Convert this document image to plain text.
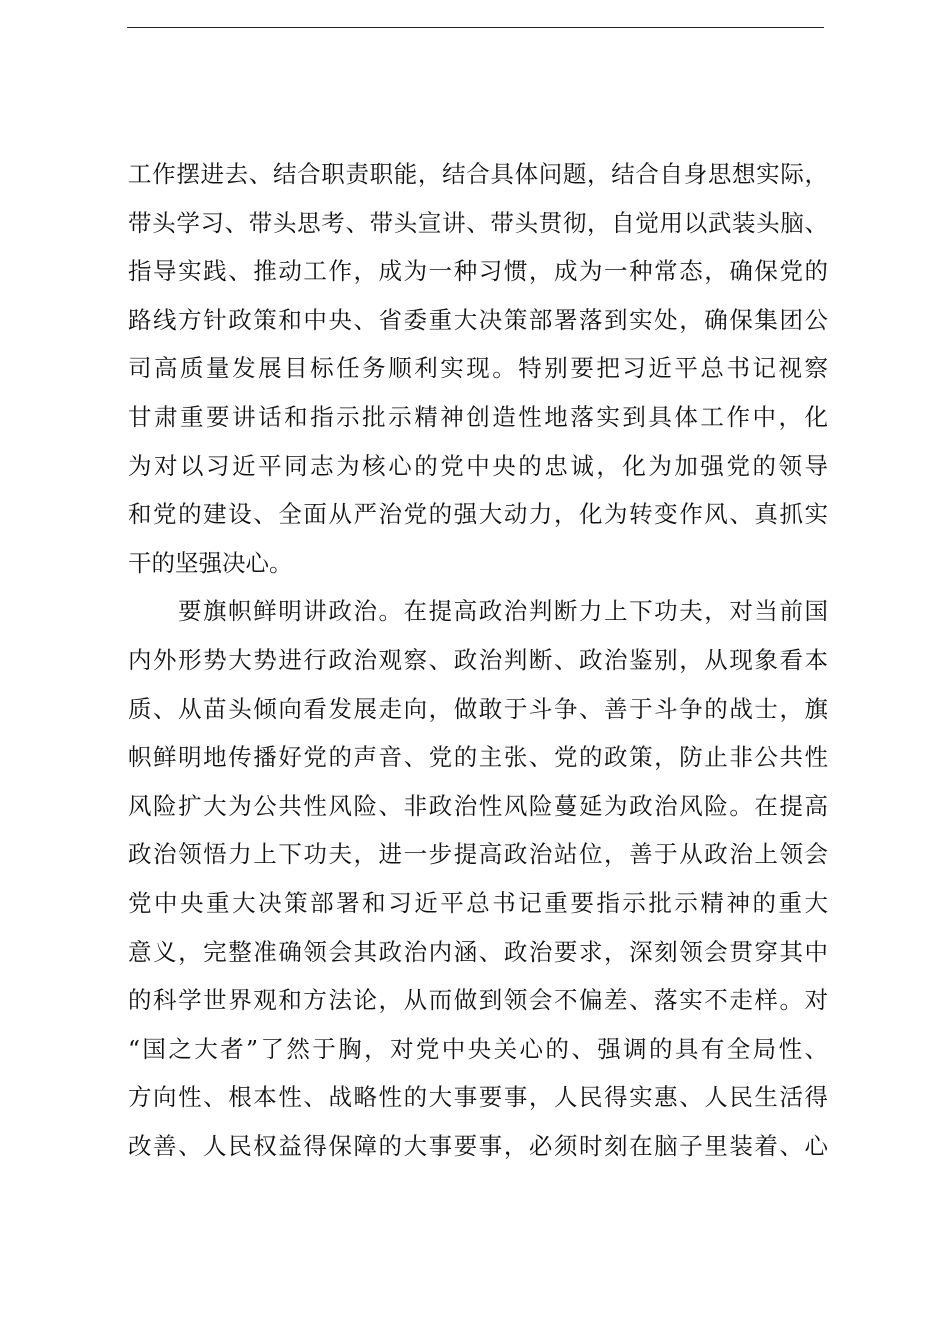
工作摆进去、结合职责职能，结合具体问题，结合自身思想实际，
带头学习、带头思考、带头宣讲、带头贯彻，自觉用以武装头脑、
指导实践、推动工作，成为一种习惯，成为一种常态，确保党的
路线方针政策和中央、省委重大决策部署落到实处，确保集团公
司高质量发展目标任务顺利实现。特别要把习近平总书记视察
甘肃重要讲话和指示批示精神创造性地落实到具体工作中，化
为对以习近平同志为核心的党中央的忠诚，化为加强党的领导
和党的建设、全面从严治党的强大动力，化为转变作风、真抓实
干的坚强决心。
要旗帜鲜明讲政治。在提高政治判断力上下功夫，对当前国
内外形势大势进行政治观察、政治判断、政治鉴别，从现象看本
质、从苗头倾向看发展走向，做敢于斗争、善于斗争的战士，旗
帜鲜明地传播好党的声音、党的主张、党的政策，防止非公共性
风险扩大为公共性风险、非政治性风险蔓延为政治风险。在提高
政治领悟力上下功夫，进一步提高政治站位，善于从政治上领会
党中央重大决策部署和习近平总书记重要指示批示精神的重大
意义，完整准确领会其政治内涵、政治要求，深刻领会贯穿其中
的科学世界观和方法论，从而做到领会不偏差、落实不走样。对
“国之大者”了然于胸，对党中央关心的、强调的具有全局性、
方向性、根本性、战略性的大事要事，人民得实惠、人民生活得
改善、人民权益得保障的大事要事，必须时刻在脑子里装着、心
